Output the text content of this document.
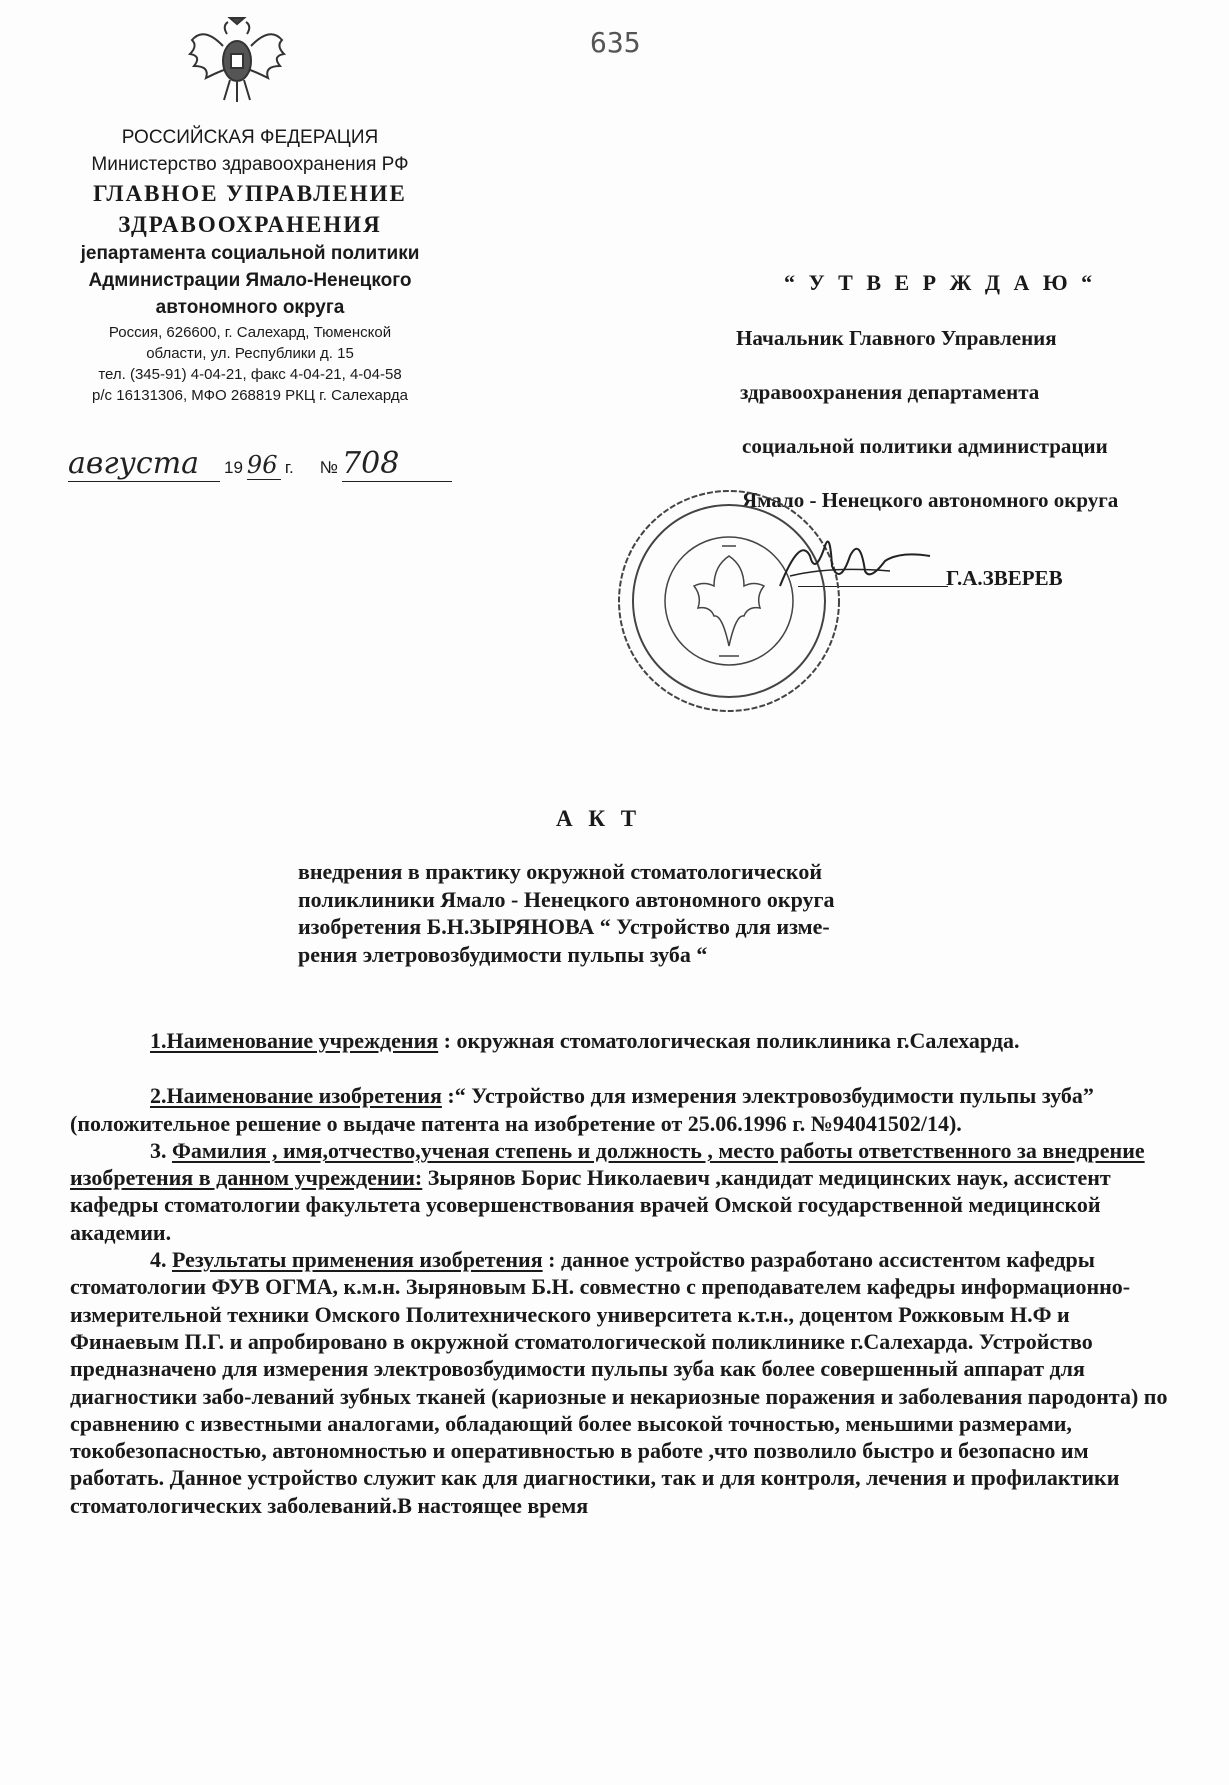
635
РОССИЙСКАЯ ФЕДЕРАЦИЯ
Министерство здравоохранения РФ
ГЛАВНОЕ УПРАВЛЕНИЕ
ЗДРАВООХРАНЕНИЯ
јепартамента социальной политики
Администрации Ямало-Ненецкого
автономного округа
Россия, 626600, г. Салехард, Тюменской
области, ул. Республики д. 15
тел. (345-91) 4-04-21, факс 4-04-21, 4-04-58
р/с 16131306, МФО 268819 РКЦ г. Салехарда
августа 19 96 г. № 708
“ У Т В Е Р Ж Д А Ю “
Начальник Главного Управления
здравоохранения департамента
социальной политики администрации
Ямало - Ненецкого автономного округа
Г.А.ЗВЕРЕВ
А К Т
внедрения в практику окружной стоматологической
поликлиники Ямало - Ненецкого автономного округа
изобретения Б.Н.ЗЫРЯНОВА “ Устройство для изме-
рения элетровозбудимости пульпы зуба “

1.Наименование учреждения : окружная стоматологическая поликлиника г.Салехарда.

2.Наименование изобретения :“ Устройство для измерения электровозбудимости пульпы зуба” (положительное решение о выдаче патента на изобретение от 25.06.1996 г. №94041502/14).

3. Фамилия , имя,отчество,ученая степень и должность , место работы ответственного за внедрение изобретения в данном учреждении: Зырянов Борис Николаевич ,кандидат медицинских наук, ассистент кафедры стоматологии факультета усовершенствования врачей Омской государственной медицинской академии.

4. Результаты применения изобретения : данное устройство разработано ассистентом кафедры стоматологии ФУВ ОГМА, к.м.н. Зыряновым Б.Н. совместно с преподавателем кафедры информационно- измерительной техники Омского Политехнического университета к.т.н., доцентом Рожковым Н.Ф и Финаевым П.Г. и апробировано в окружной стоматологической поликлинике г.Салехарда. Устройство предназначено для измерения электровозбудимости пульпы зуба как более совершенный аппарат для диагностики забо-леваний зубных тканей (кариозные и некариозные поражения и заболевания пародонта) по сравнению с известными аналогами, обладающий более высокой точностью, меньшими размерами, токобезопасностью, автономностью и оперативностью в работе ,что позволило быстро и безопасно им работать. Данное устройство служит как для диагностики, так и для контроля, лечения и профилактики стоматологических заболеваний.В настоящее время
